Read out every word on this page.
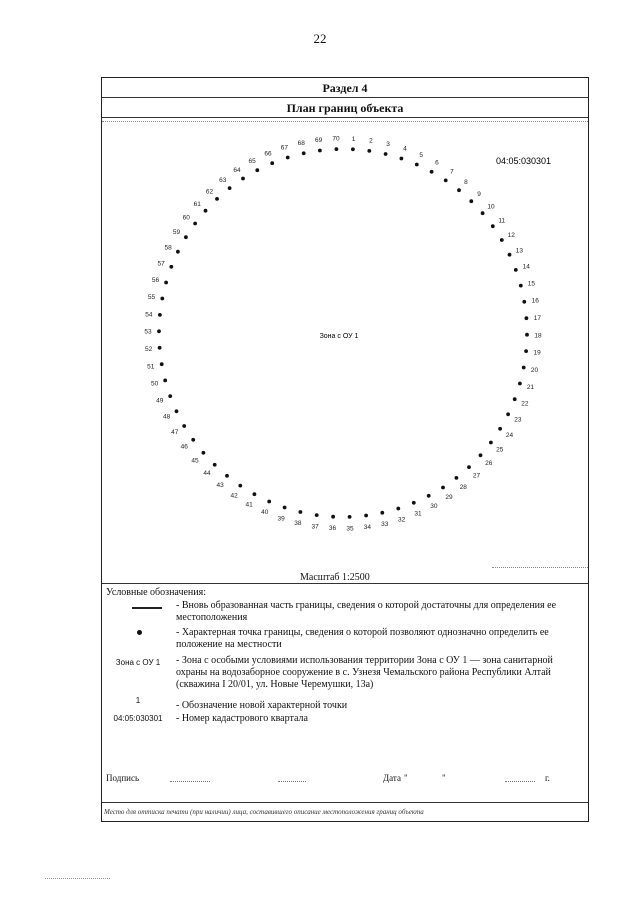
22
Раздел 4
План границ объекта
04:05:030301
Зона с ОУ 1
1 2 3
4
5
6
7
8
9
10
11
12
13
14
15
16
17
18
19
20
21
22
23
24
25
26
27
28
29
30
31
32
33
34
35
36
37
38
39
40
41
42
43
44
45
46
47
48
49
50
51
52
53
54
55
56
57
58
59
60
61
62
63
64
65
66
67
68 69 70
Масштаб 1:2500
Условные обозначения:
- Вновь образованная часть границы, сведения о которой достаточны для определения ее местоположения
- Характерная точка границы, сведения о которой позволяют однозначно определить ее положение на местности
Зона с ОУ 1	- Зона с особыми условиями использования территории Зона с ОУ 1 — зона санитарной охраны на водозаборное сооружение в с. Узнезя Чемальского района Республики Алтай (скважина I 20/01, ул. Новые Черемушки, 13а)
1	- Обозначение новой характерной точки
04:05:030301	- Номер кадастрового квартала
Подпись	Дата "	"	г.
Место для оттиска печати (при наличии) лица, составившего описание местоположения границ объекта
